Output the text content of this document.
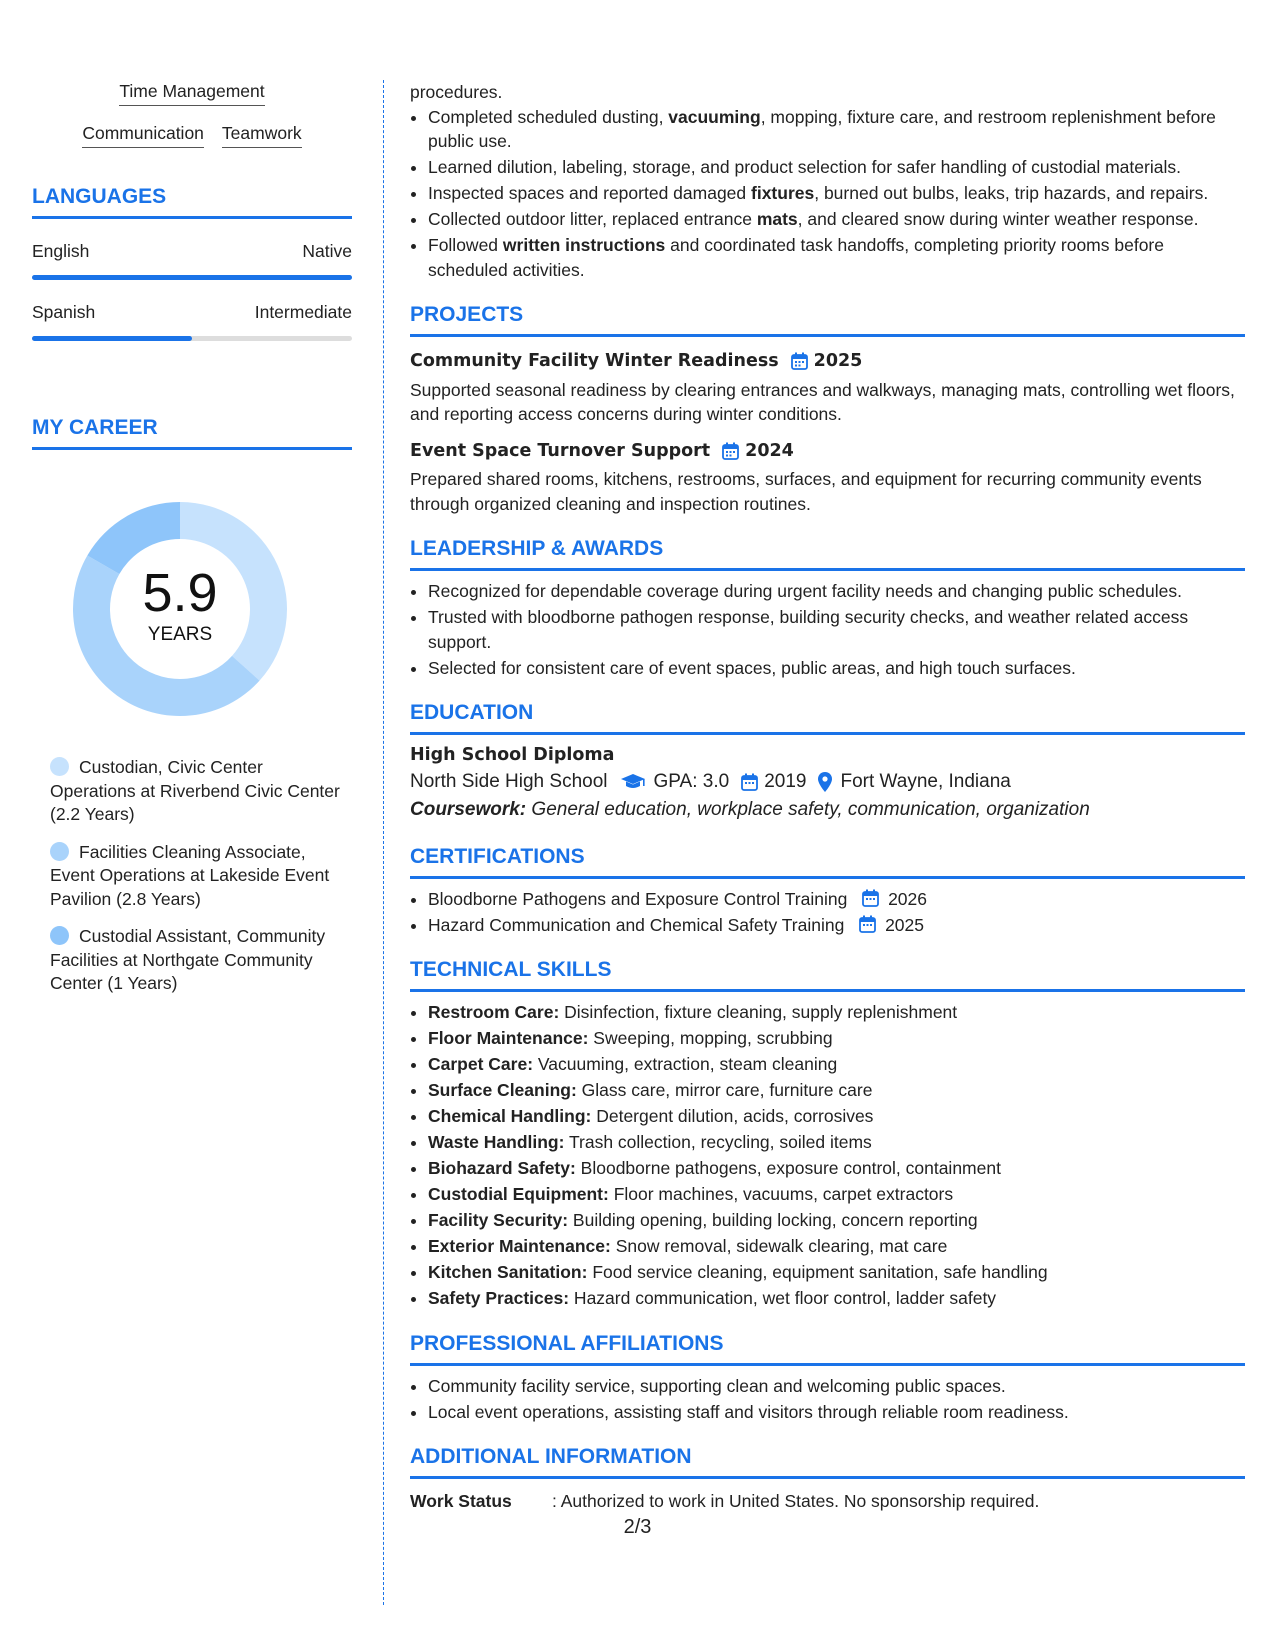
Time Management
Communication Teamwork
LANGUAGES
English	Native
Spanish	Intermediate
MY CAREER
5.9
YEARS
Custodian, Civic Center Operations at Riverbend Civic Center (2.2 Years)
Facilities Cleaning Associate, Event Operations at Lakeside Event Pavilion (2.8 Years)
Custodial Assistant, Community Facilities at Northgate Community Center (1 Years)
procedures.
• Completed scheduled dusting, vacuuming, mopping, fixture care, and restroom replenishment before public use.
• Learned dilution, labeling, storage, and product selection for safer handling of custodial materials.
• Inspected spaces and reported damaged fixtures, burned out bulbs, leaks, trip hazards, and repairs.
• Collected outdoor litter, replaced entrance mats, and cleared snow during winter weather response.
• Followed written instructions and coordinated task handoffs, completing priority rooms before scheduled activities.
PROJECTS
Community Facility Winter Readiness 2025
Supported seasonal readiness by clearing entrances and walkways, managing mats, controlling wet floors, and reporting access concerns during winter conditions.
Event Space Turnover Support 2024
Prepared shared rooms, kitchens, restrooms, surfaces, and equipment for recurring community events through organized cleaning and inspection routines.
LEADERSHIP & AWARDS
• Recognized for dependable coverage during urgent facility needs and changing public schedules.
• Trusted with bloodborne pathogen response, building security checks, and weather related access support.
• Selected for consistent care of event spaces, public areas, and high touch surfaces.
EDUCATION
High School Diploma
North Side High School GPA: 3.0 2019 Fort Wayne, Indiana
Coursework: General education, workplace safety, communication, organization
CERTIFICATIONS
• Bloodborne Pathogens and Exposure Control Training 2026
• Hazard Communication and Chemical Safety Training 2025
TECHNICAL SKILLS
• Restroom Care: Disinfection, fixture cleaning, supply replenishment
• Floor Maintenance: Sweeping, mopping, scrubbing
• Carpet Care: Vacuuming, extraction, steam cleaning
• Surface Cleaning: Glass care, mirror care, furniture care
• Chemical Handling: Detergent dilution, acids, corrosives
• Waste Handling: Trash collection, recycling, soiled items
• Biohazard Safety: Bloodborne pathogens, exposure control, containment
• Custodial Equipment: Floor machines, vacuums, carpet extractors
• Facility Security: Building opening, building locking, concern reporting
• Exterior Maintenance: Snow removal, sidewalk clearing, mat care
• Kitchen Sanitation: Food service cleaning, equipment sanitation, safe handling
• Safety Practices: Hazard communication, wet floor control, ladder safety
PROFESSIONAL AFFILIATIONS
• Community facility service, supporting clean and welcoming public spaces.
• Local event operations, assisting staff and visitors through reliable room readiness.
ADDITIONAL INFORMATION
Work Status	: Authorized to work in United States. No sponsorship required.
2/3
